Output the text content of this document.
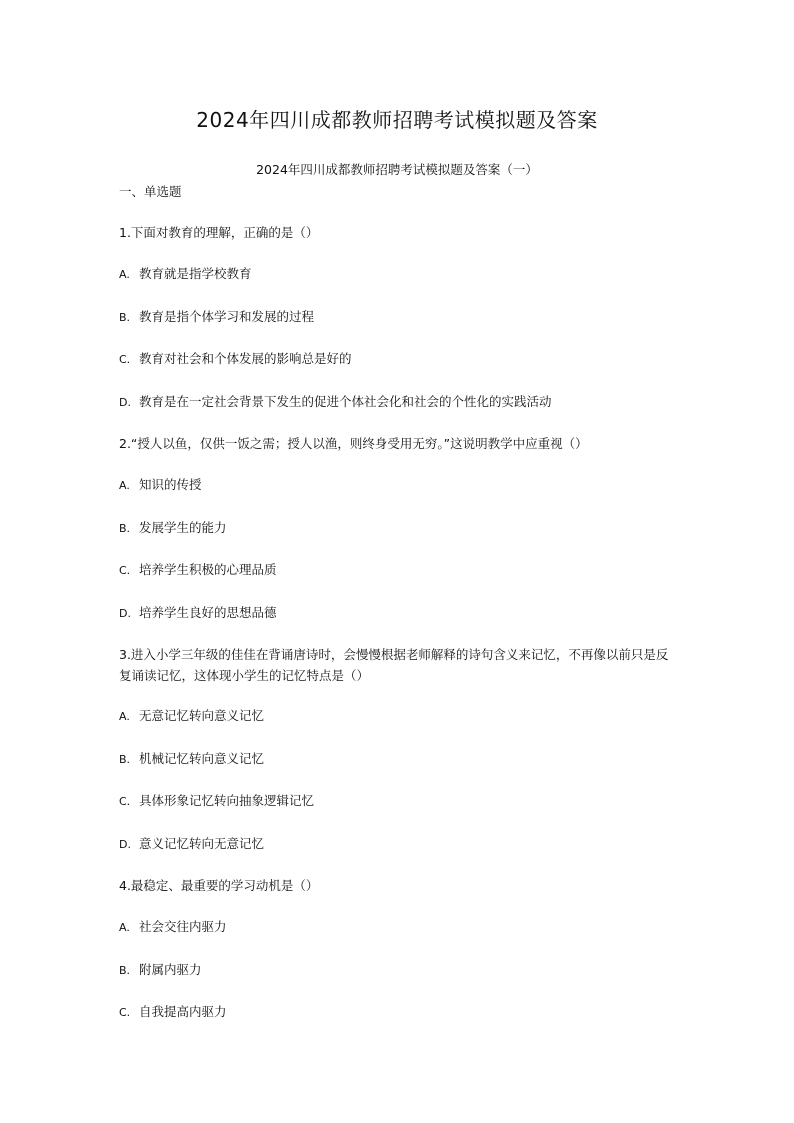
2024年四川成都教师招聘考试模拟题及答案
2024年四川成都教师招聘考试模拟题及答案（一）
一、单选题

1.下面对教育的理解，正确的是（）

A. 教育就是指学校教育

B. 教育是指个体学习和发展的过程

C. 教育对社会和个体发展的影响总是好的

D. 教育是在一定社会背景下发生的促进个体社会化和社会的个性化的实践活动

2.“授人以鱼，仅供一饭之需；授人以渔，则终身受用无穷。”这说明教学中应重视（）

A. 知识的传授

B. 发展学生的能力

C. 培养学生积极的心理品质

D. 培养学生良好的思想品德

3.进入小学三年级的佳佳在背诵唐诗时，会慢慢根据老师解释的诗句含义来记忆，不再像以前只是反复诵读记忆，这体现小学生的记忆特点是（）

A. 无意记忆转向意义记忆

B. 机械记忆转向意义记忆

C. 具体形象记忆转向抽象逻辑记忆

D. 意义记忆转向无意记忆

4.最稳定、最重要的学习动机是（）

A. 社会交往内驱力

B. 附属内驱力

C. 自我提高内驱力
